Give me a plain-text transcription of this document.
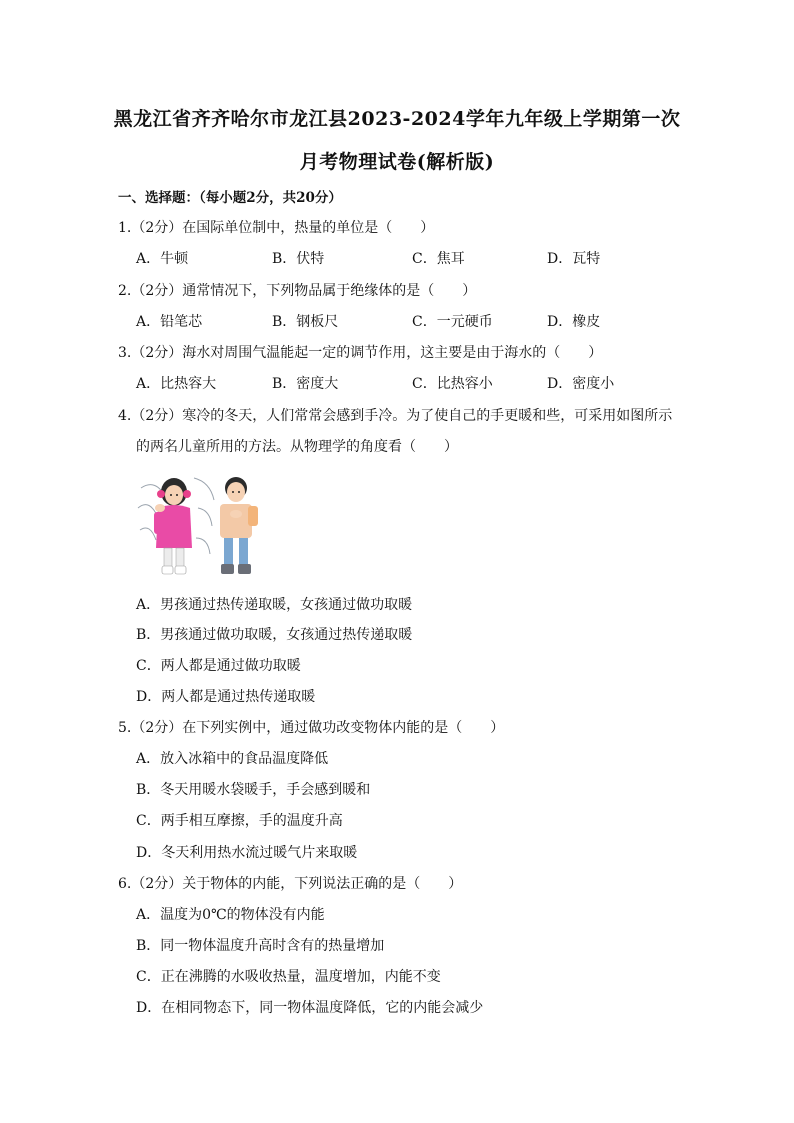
黑龙江省齐齐哈尔市龙江县2023-2024学年九年级上学期第一次
月考物理试卷(解析版)
一、选择题：（每小题2分，共20分）
1.（2分）在国际单位制中，热量的单位是（　　）
A．牛顿	B．伏特	C．焦耳	D．瓦特
2.（2分）通常情况下，下列物品属于绝缘体的是（　　）
A．铅笔芯	B．钢板尺	C．一元硬币	D．橡皮
3.（2分）海水对周围气温能起一定的调节作用，这主要是由于海水的（　　）
A．比热容大	B．密度大	C．比热容小	D．密度小
4.（2分）寒冷的冬天，人们常常会感到手冷。为了使自己的手更暖和些，可采用如图所示
的两名儿童所用的方法。从物理学的角度看（　　）
A．男孩通过热传递取暖，女孩通过做功取暖
B．男孩通过做功取暖，女孩通过热传递取暖
C．两人都是通过做功取暖
D．两人都是通过热传递取暖
5.（2分）在下列实例中，通过做功改变物体内能的是（　　）
A．放入冰箱中的食品温度降低
B．冬天用暖水袋暖手，手会感到暖和
C．两手相互摩擦，手的温度升高
D．冬天利用热水流过暖气片来取暖
6.（2分）关于物体的内能，下列说法正确的是（　　）
A．温度为0℃的物体没有内能
B．同一物体温度升高时含有的热量增加
C．正在沸腾的水吸收热量，温度增加，内能不变
D．在相同物态下，同一物体温度降低，它的内能会减少
